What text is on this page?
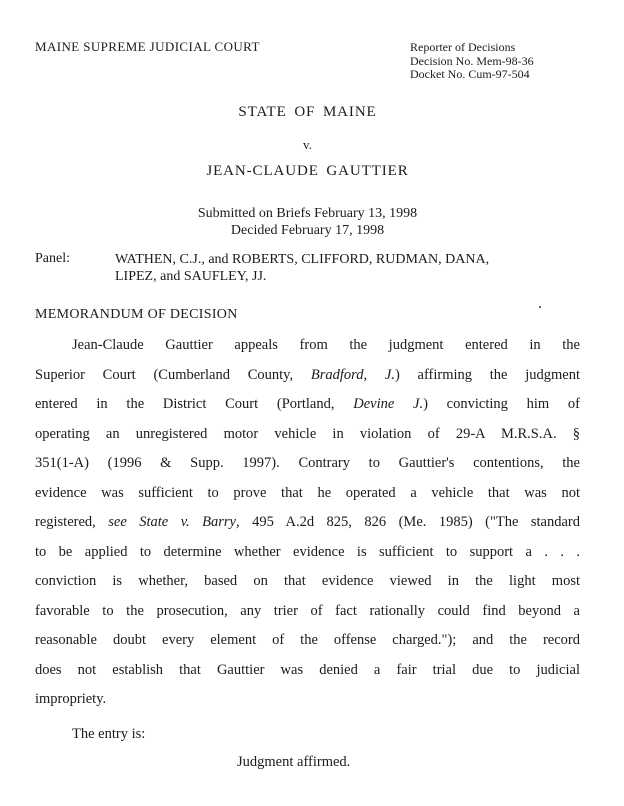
MAINE SUPREME JUDICIAL COURT	Reporter of Decisions
Decision No. Mem-98-36
Docket No. Cum-97-504
STATE OF MAINE
v.
JEAN-CLAUDE GAUTTIER
Submitted on Briefs February 13, 1998
Decided February 17, 1998
Panel:	WATHEN, C.J., and ROBERTS, CLIFFORD, RUDMAN, DANA,
LIPEZ, and SAUFLEY, JJ.
MEMORANDUM OF DECISION
Jean-Claude Gauttier appeals from the judgment entered in the
Superior Court (Cumberland County, Bradford, J.) affirming the judgment
entered in the District Court (Portland, Devine J.) convicting him of
operating an unregistered motor vehicle in violation of 29-A M.R.S.A. §
351(1-A) (1996 & Supp. 1997). Contrary to Gauttier's contentions, the
evidence was sufficient to prove that he operated a vehicle that was not
registered, see State v. Barry, 495 A.2d 825, 826 (Me. 1985) ("The standard
to be applied to determine whether evidence is sufficient to support a . . .
conviction is whether, based on that evidence viewed in the light most
favorable to the prosecution, any trier of fact rationally could find beyond a
reasonable doubt every element of the offense charged."); and the record
does not establish that Gauttier was denied a fair trial due to judicial
impropriety.
The entry is:
Judgment affirmed.
